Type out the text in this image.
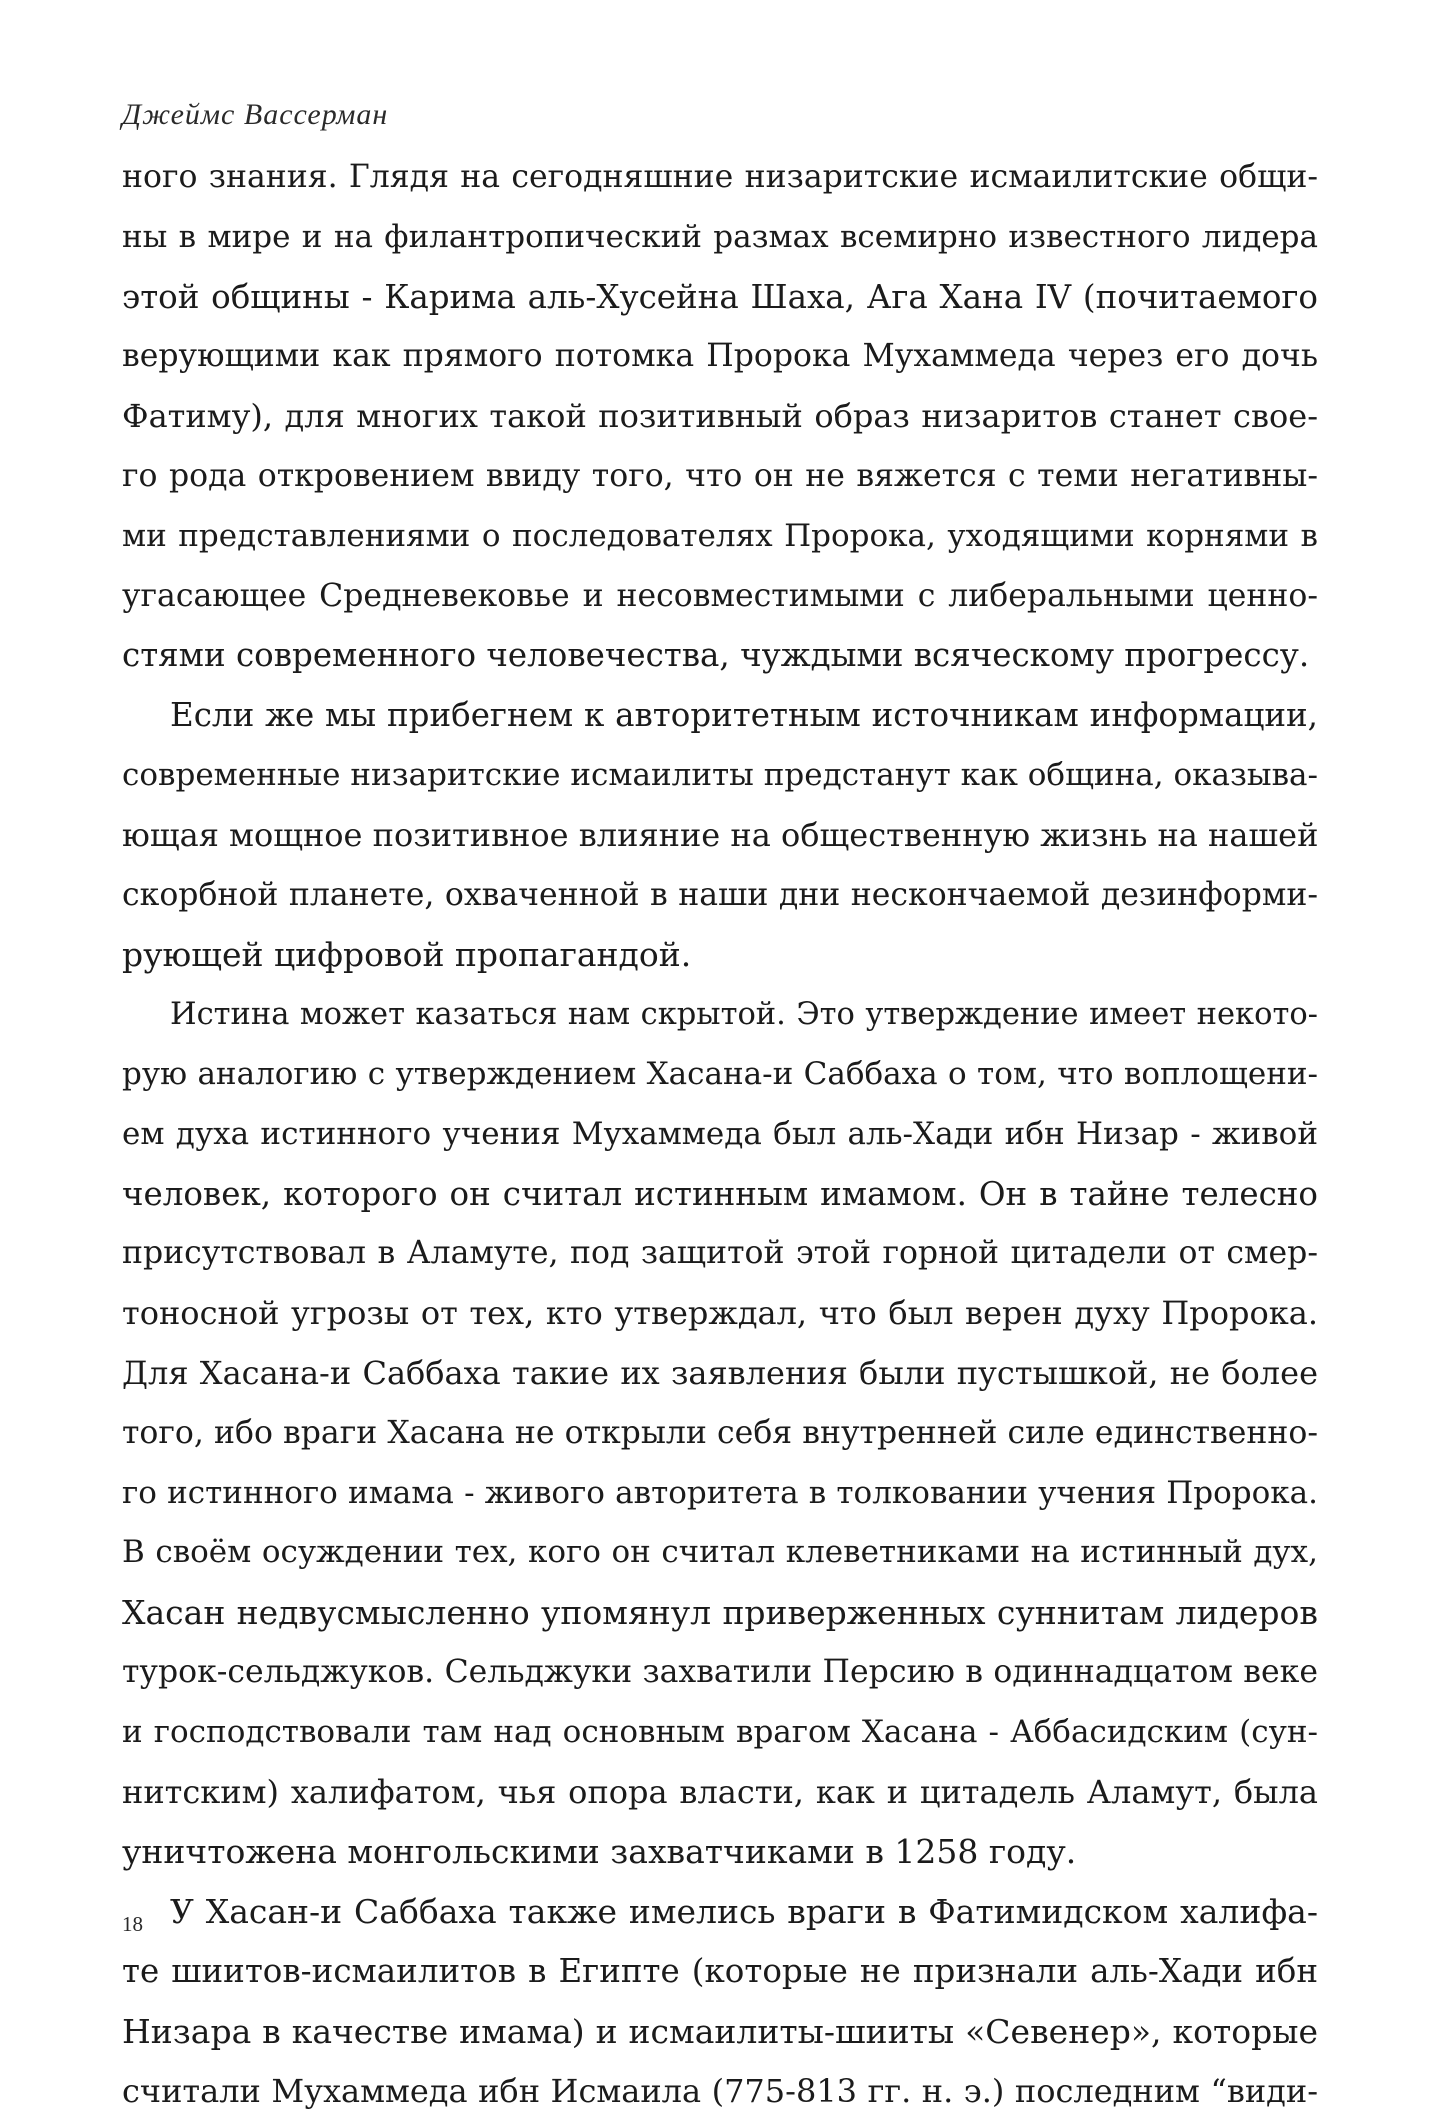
Джеймс Вассерман
ного знания. Глядя на сегодняшние низаритские исмаилитские общи-
ны в мире и на филантропический размах всемирно известного лидера
этой общины - Карима аль-Хусейна Шаха, Ага Хана IV (почитаемого
верующими как прямого потомка Пророка Мухаммеда через его дочь
Фатиму), для многих такой позитивный образ низаритов станет свое-
го рода откровением ввиду того, что он не вяжется с теми негативны-
ми представлениями о последователях Пророка, уходящими корнями в
угасающее Средневековье и несовместимыми с либеральными ценно-
стями современного человечества, чуждыми всяческому прогрессу.
Если же мы прибегнем к авторитетным источникам информации,
современные низаритские исмаилиты предстанут как община, оказыва-
ющая мощное позитивное влияние на общественную жизнь на нашей
скорбной планете, охваченной в наши дни нескончаемой дезинформи-
рующей цифровой пропагандой.
Истина может казаться нам скрытой. Это утверждение имеет некото-
рую аналогию с утверждением Хасана-и Саббаха о том, что воплощени-
ем духа истинного учения Мухаммеда был аль-Хади ибн Низар - живой
человек, которого он считал истинным имамом. Он в тайне телесно
присутствовал в Аламуте, под защитой этой горной цитадели от смер-
тоносной угрозы от тех, кто утверждал, что был верен духу Пророка.
Для Хасана-и Саббаха такие их заявления были пустышкой, не более
того, ибо враги Хасана не открыли себя внутренней силе единственно-
го истинного имама - живого авторитета в толковании учения Пророка.
В своём осуждении тех, кого он считал клеветниками на истинный дух,
Хасан недвусмысленно упомянул приверженных суннитам лидеров
турок-сельджуков. Сельджуки захватили Персию в одиннадцатом веке
и господствовали там над основным врагом Хасана - Аббасидским (сун-
нитским) халифатом, чья опора власти, как и цитадель Аламут, была
уничтожена монгольскими захватчиками в 1258 году.
У Хасан-и Саббаха также имелись враги в Фатимидском халифа-
те шиитов-исмаилитов в Египте (которые не признали аль-Хади ибн
Низара в качестве имама) и исмаилиты-шииты «Севенер», которые
считали Мухаммеда ибн Исмаила (775-813 гг. н. э.) последним “види-
18
